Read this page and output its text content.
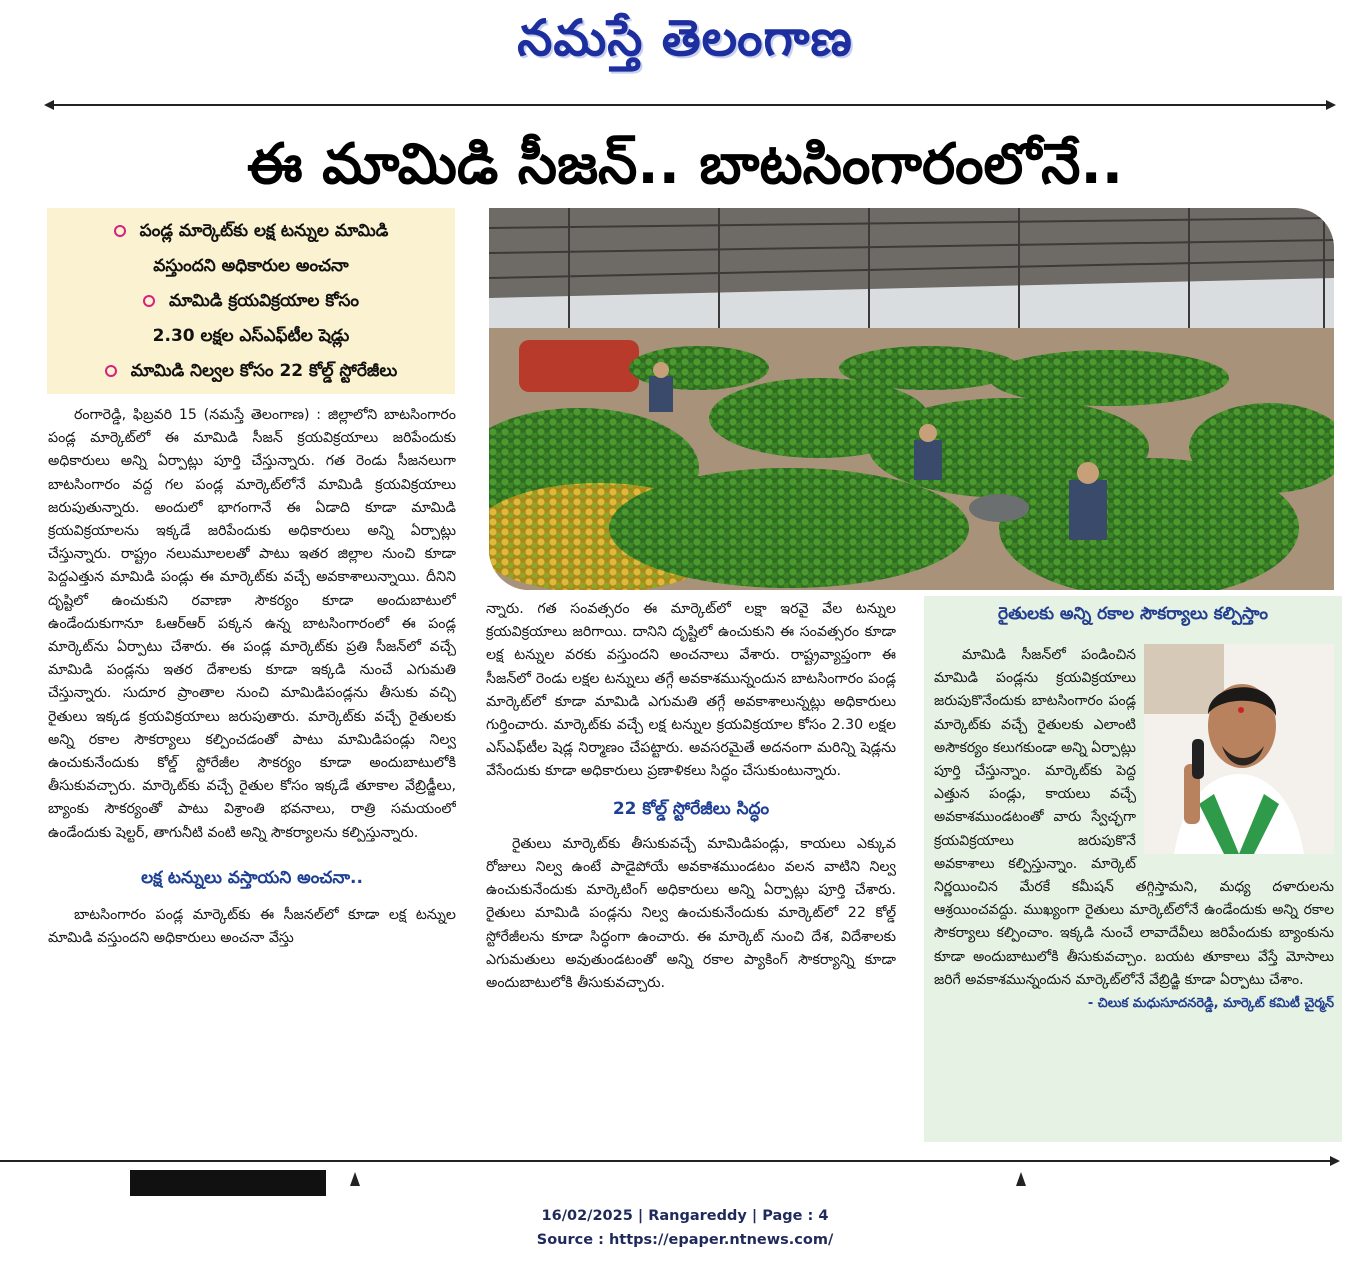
నమస్తే తెలంగాణ
ఈ మామిడి సీజన్.. బాటసింగారంలోనే..
పండ్ల మార్కెట్‌కు లక్ష టన్నుల మామిడి
వస్తుందని అధికారుల అంచనా
మామిడి క్రయవిక్రయాల కోసం
2.30 లక్షల ఎస్‌ఎఫ్‌టీల షెడ్లు
మామిడి నిల్వల కోసం 22 కోల్డ్ స్టోరేజీలు

రంగారెడ్డి, ఫిబ్రవరి 15 (నమస్తే తెలంగాణ) : జిల్లాలోని బాటసింగారం పండ్ల మార్కెట్‌లో ఈ మామిడి సీజన్ క్రయవిక్రయాలు జరిపేందుకు అధికారులు అన్ని ఏర్పాట్లు పూర్తి చేస్తున్నారు. గత రెండు సీజనలుగా బాటసింగారం వద్ద గల పండ్ల మార్కెట్‌లోనే మామిడి క్రయవిక్రయాలు జరుపుతున్నారు. అందులో భాగంగానే ఈ ఏడాది కూడా మామిడి క్రయవిక్రయాలను ఇక్కడే జరిపేందుకు అధికారులు అన్ని ఏర్పాట్లు చేస్తున్నారు. రాష్ట్రం నలుమూలలతో పాటు ఇతర జిల్లాల నుంచి కూడా పెద్దఎత్తున మామిడి పండ్లు ఈ మార్కెట్‌కు వచ్చే అవకాశాలున్నాయి. దీనిని దృష్టిలో ఉంచుకుని రవాణా సౌకర్యం కూడా అందుబాటులో ఉండేందుకుగానూ ఓఆర్ఆర్ పక్కన ఉన్న బాటసింగారంలో ఈ పండ్ల మార్కెట్‌ను ఏర్పాటు చేశారు. ఈ పండ్ల మార్కెట్‌కు ప్రతి సీజన్‌లో వచ్చే మామిడి పండ్లను ఇతర దేశాలకు కూడా ఇక్కడి నుంచే ఎగుమతి చేస్తున్నారు. సుదూర ప్రాంతాల నుంచి మామిడిపండ్లను తీసుకు వచ్చి రైతులు ఇక్కడ క్రయవిక్రయాలు జరుపుతారు. మార్కెట్‌కు వచ్చే రైతులకు అన్ని రకాల సౌకర్యాలు కల్పించడంతో పాటు మామిడిపండ్లు నిల్వ ఉంచుకునేందుకు కోల్డ్ స్టోరేజీల సౌకర్యం కూడా అందుబాటులోకి తీసుకువచ్చారు. మార్కెట్‌కు వచ్చే రైతుల కోసం ఇక్కడే తూకాల వేబ్రిడ్జీలు, బ్యాంకు సౌకర్యంతో పాటు విశ్రాంతి భవనాలు, రాత్రి సమయంలో ఉండేందుకు షెల్టర్, తాగునీటి వంటి అన్ని సౌకర్యాలను కల్పిస్తున్నారు.

లక్ష టన్నులు వస్తాయని అంచనా..

బాటసింగారం పండ్ల మార్కెట్‌కు ఈ సీజనల్‌లో కూడా లక్ష టన్నుల మామిడి వస్తుందని అధికారులు అంచనా వేస్తు

న్నారు. గత సంవత్సరం ఈ మార్కెట్‌లో లక్షా ఇరవై వేల టన్నుల క్రయవిక్రయాలు జరిగాయి. దానిని దృష్టిలో ఉంచుకుని ఈ సంవత్సరం కూడా లక్ష టన్నుల వరకు వస్తుందని అంచనాలు వేశారు. రాష్ట్రవ్యాప్తంగా ఈ సీజన్‌లో రెండు లక్షల టన్నులు తగ్గే అవకాశమున్నందున బాటసింగారం పండ్ల మార్కెట్‌లో కూడా మామిడి ఎగుమతి తగ్గే అవకాశాలున్నట్లు అధికారులు గుర్తించారు. మార్కెట్‌కు వచ్చే లక్ష టన్నుల క్రయవిక్రయాల కోసం 2.30 లక్షల ఎస్‌ఎఫ్‌టీల షెడ్ల నిర్మాణం చేపట్టారు. అవసరమైతే అదనంగా మరిన్ని షెడ్లను వేసేందుకు కూడా అధికారులు ప్రణాళికలు సిద్ధం చేసుకుంటున్నారు.

22 కోల్డ్ స్టోరేజీలు సిద్ధం

రైతులు మార్కెట్‌కు తీసుకువచ్చే మామిడిపండ్లు, కాయలు ఎక్కువ రోజులు నిల్వ ఉంటే పాడైపోయే అవకాశముండటం వలన వాటిని నిల్వ ఉంచుకునేందుకు మార్కెటింగ్ అధికారులు అన్ని ఏర్పాట్లు పూర్తి చేశారు. రైతులు మామిడి పండ్లను నిల్వ ఉంచుకునేందుకు మార్కెట్‌లో 22 కోల్డ్ స్టోరేజీలను కూడా సిద్ధంగా ఉంచారు. ఈ మార్కెట్ నుంచి దేశ, విదేశాలకు ఎగుమతులు అవుతుండటంతో అన్ని రకాల ప్యాకింగ్ సౌకర్యాన్ని కూడా అందుబాటులోకి తీసుకువచ్చారు.

రైతులకు అన్ని రకాల సౌకర్యాలు కల్పిస్తాం

మామిడి సీజన్‌లో పండించిన మామిడి పండ్లను క్రయవిక్రయాలు జరుపుకొనేందుకు బాటసింగారం పండ్ల మార్కెట్‌కు వచ్చే రైతులకు ఎలాంటి అసౌకర్యం కలుగకుండా అన్ని ఏర్పాట్లు పూర్తి చేస్తున్నాం. మార్కెట్‌కు పెద్ద ఎత్తున పండ్లు, కాయలు వచ్చే అవకాశముండటంతో వారు స్వేచ్ఛగా క్రయవిక్రయాలు జరుపుకొనే అవకాశాలు కల్పిస్తున్నాం. మార్కెట్ నిర్ణయించిన మేరకే కమీషన్ తగ్గిస్తామని, మధ్య దళారులను ఆశ్రయించవద్దు. ముఖ్యంగా రైతులు మార్కెట్‌లోనే ఉండేందుకు అన్ని రకాల సౌకర్యాలు కల్పించాం. ఇక్కడి నుంచే లావాదేవీలు జరిపేందుకు బ్యాంకును కూడా అందుబాటులోకి తీసుకువచ్చాం. బయట తూకాలు వేస్తే మోసాలు జరిగే అవకాశమున్నందున మార్కెట్‌లోనే వేబ్రిడ్జి కూడా ఏర్పాటు చేశాం.

- చిలుక మధుసూదనరెడ్డి, మార్కెట్ కమిటీ చైర్మన్
16/02/2025 | Rangareddy | Page : 4
Source : https://epaper.ntnews.com/
